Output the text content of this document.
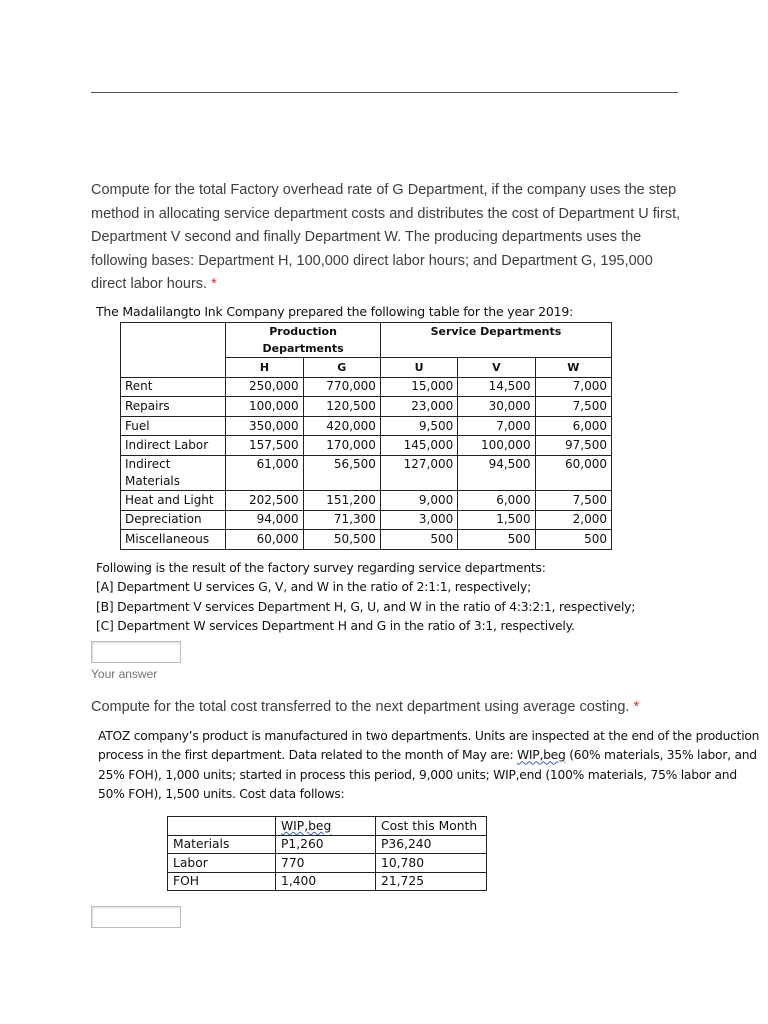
Compute for the total Factory overhead rate of G Department, if the company uses the step method in allocating service department costs and distributes the cost of Department U first, Department V second and finally Department W. The producing departments uses the following bases: Department H, 100,000 direct labor hours; and Department G, 195,000 direct labor hours. *
The Madalilangto Ink Company prepared the following table for the year 2019:
	Production
Departments		Service Departments		
	H	G	U	V	W
Rent	250,000	770,000	15,000	14,500	7,000
Repairs	100,000	120,500	23,000	30,000	7,500
Fuel	350,000	420,000	9,500	7,000	6,000
Indirect Labor	157,500	170,000	145,000	100,000	97,500
Indirect
Materials	61,000	56,500	127,000	94,500	60,000
Heat and Light	202,500	151,200	9,000	6,000	7,500
Depreciation	94,000	71,300	3,000	1,500	2,000
Miscellaneous	60,000	50,500	500	500	500
Following is the result of the factory survey regarding service departments:
[A] Department U services G, V, and W in the ratio of 2:1:1, respectively;
[B] Department V services Department H, G, U, and W in the ratio of 4:3:2:1, respectively;
[C] Department W services Department H and G in the ratio of 3:1, respectively.
Your answer
Compute for the total cost transferred to the next department using average costing. *
ATOZ company’s product is manufactured in two departments. Units are inspected at the end of the production process in the first department. Data related to the month of May are: WIP,beg (60% materials, 35% labor, and 25% FOH), 1,000 units; started in process this period, 9,000 units; WIP,end (100% materials, 75% labor and 50% FOH), 1,500 units. Cost data follows:
	WIP,beg	Cost this Month
Materials	P1,260	P36,240
Labor	770	10,780
FOH	1,400	21,725
